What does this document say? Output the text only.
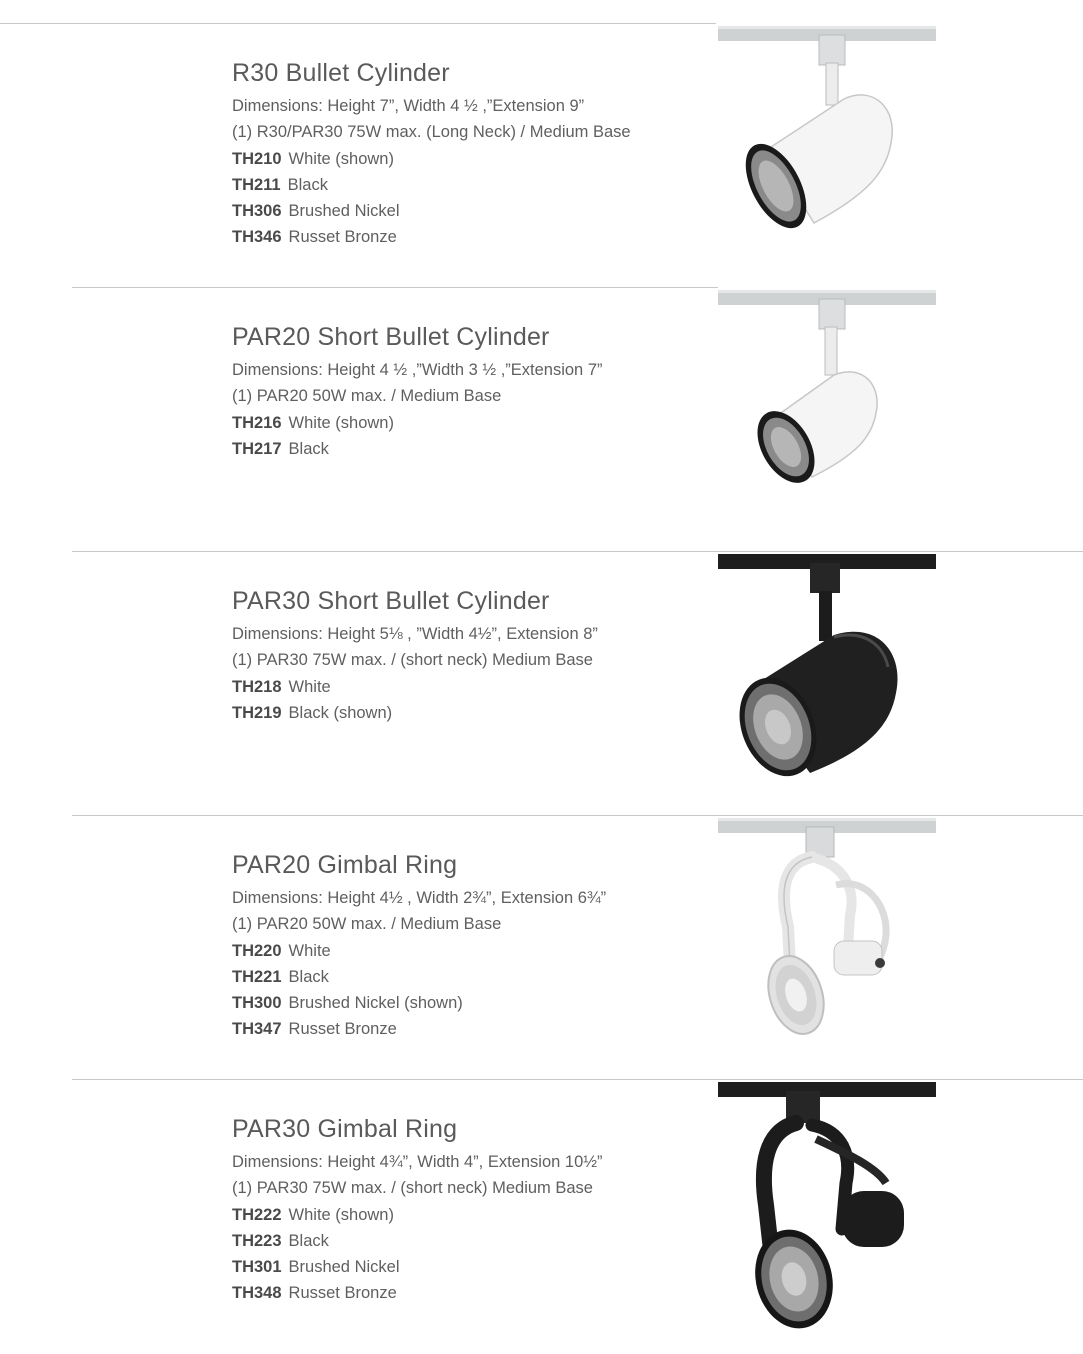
R30 Bullet Cylinder
Dimensions: Height 7”, Width 4 ½ ,”Extension 9”
(1) R30/PAR30 75W max. (Long Neck) / Medium Base
TH210 White (shown)
TH211 Black
TH306 Brushed Nickel
TH346 Russet Bronze
PAR20 Short Bullet Cylinder
Dimensions: Height 4 ½ ,”Width 3 ½ ,”Extension 7”
(1) PAR20 50W max. / Medium Base
TH216 White (shown)
TH217 Black
PAR30 Short Bullet Cylinder
Dimensions: Height 5⅛ , ”Width 4½”, Extension 8”
(1) PAR30 75W max. / (short neck) Medium Base
TH218 White
TH219 Black (shown)
PAR20 Gimbal Ring
Dimensions: Height 4½ , Width 2¾”, Extension 6¾”
(1) PAR20 50W max. / Medium Base
TH220 White
TH221 Black
TH300 Brushed Nickel (shown)
TH347 Russet Bronze
PAR30 Gimbal Ring
Dimensions: Height 4¾”, Width 4”, Extension 10½”
(1) PAR30 75W max. / (short neck) Medium Base
TH222 White (shown)
TH223 Black
TH301 Brushed Nickel
TH348 Russet Bronze
